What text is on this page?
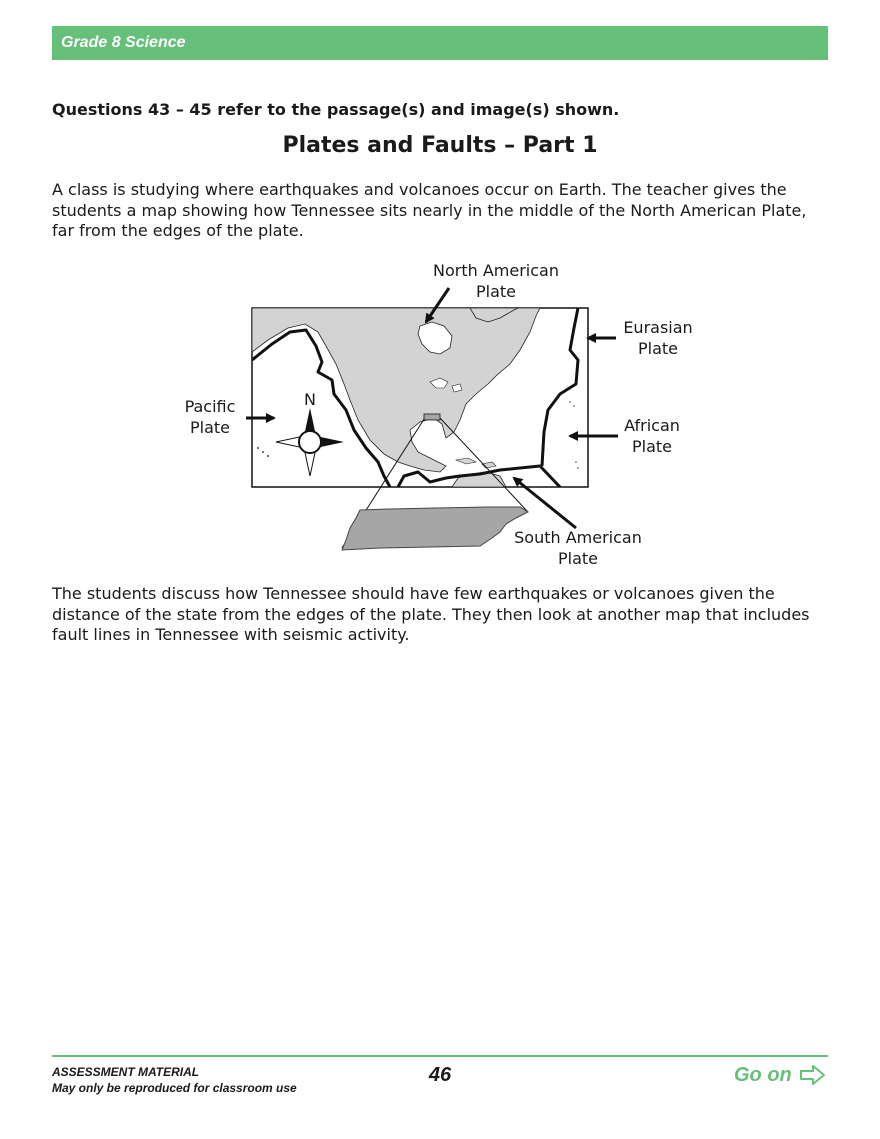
Grade 8 Science

Questions 43 – 45 refer to the passage(s) and image(s) shown.

Plates and Faults – Part 1

A class is studying where earthquakes and volcanoes occur on Earth. The teacher gives the students a map showing how Tennessee sits nearly in the middle of the North American Plate, far from the edges of the plate.

North American
Plate
Eurasian
Plate
Pacific
Plate	African
Plate
South American
Plate
N

The students discuss how Tennessee should have few earthquakes or volcanoes given the distance of the state from the edges of the plate. They then look at another map that includes fault lines in Tennessee with seismic activity.

ASSESSMENT MATERIAL
May only be reproduced for classroom use
46	Go on
